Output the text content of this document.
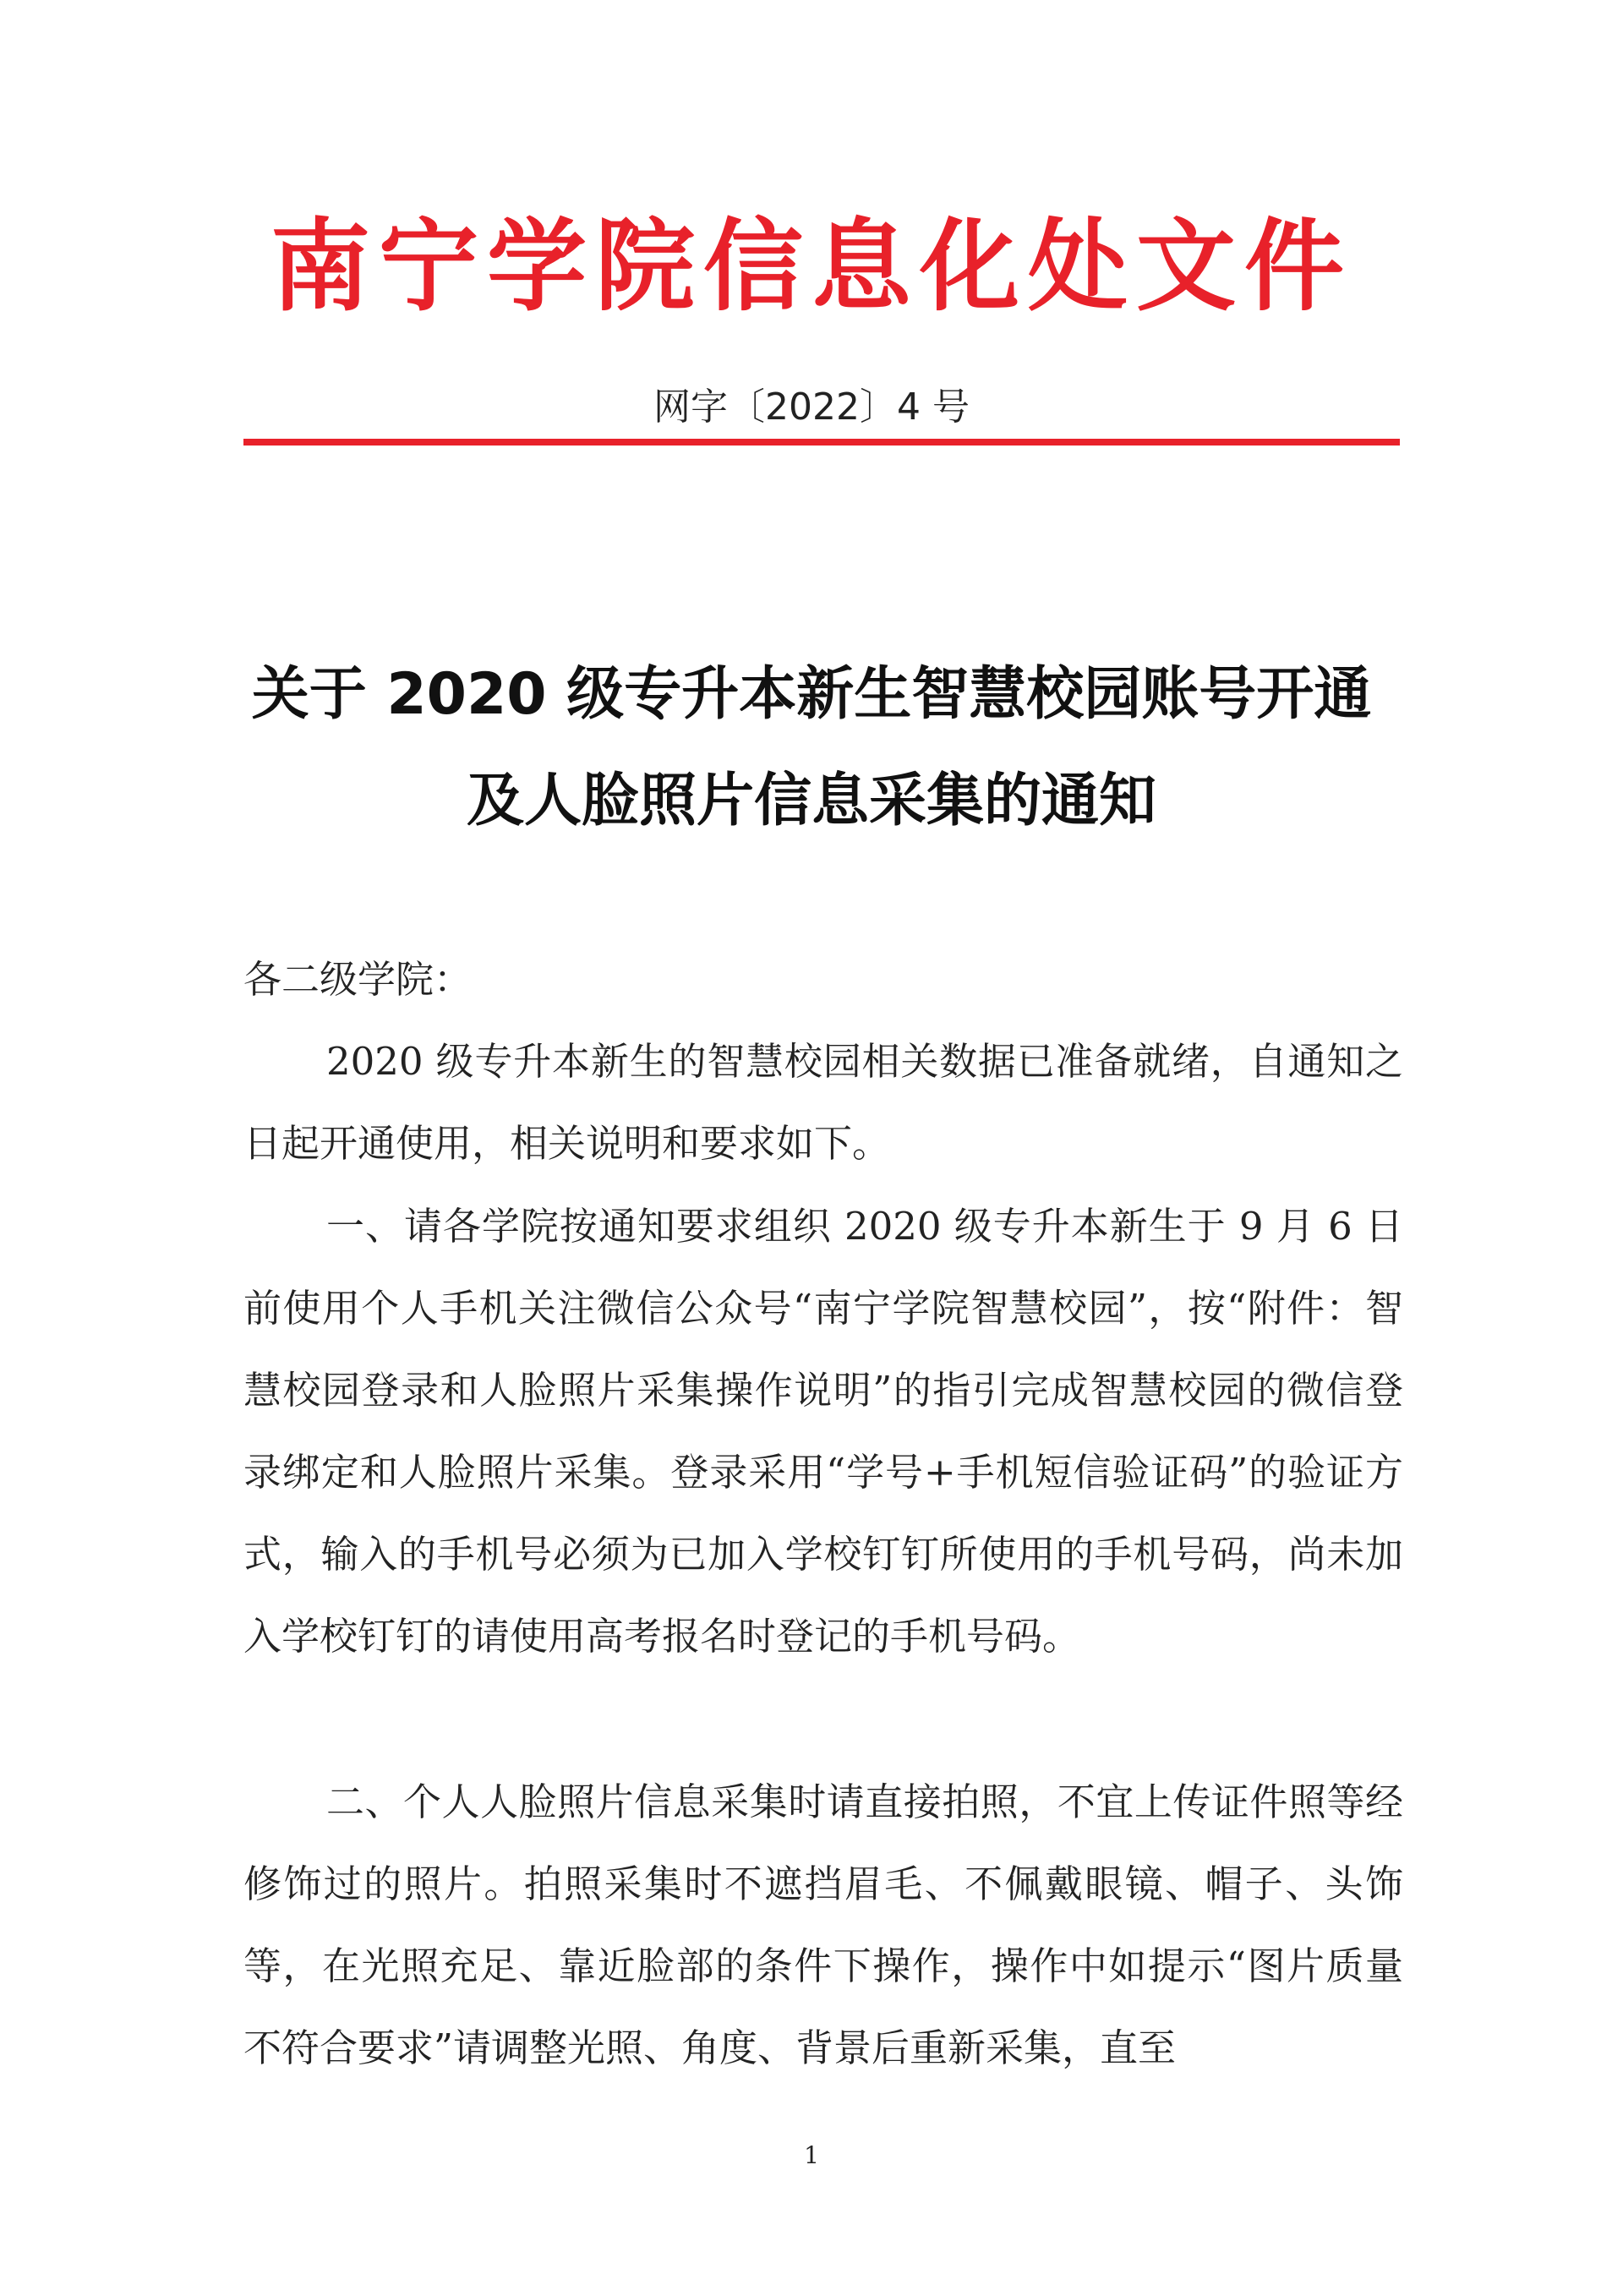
南宁学院信息化处文件
网字〔2022〕4 号
关于 2020 级专升本新生智慧校园账号开通
及人脸照片信息采集的通知
各二级学院：
2020 级专升本新生的智慧校园相关数据已准备就绪，自通知之日起开通使用，相关说明和要求如下。
一、请各学院按通知要求组织 2020 级专升本新生于 9 月 6 日前使用个人手机关注微信公众号“南宁学院智慧校园”，按“附件：智慧校园登录和人脸照片采集操作说明”的指引完成智慧校园的微信登录绑定和人脸照片采集。登录采用“学号+手机短信验证码”的验证方式，输入的手机号必须为已加入学校钉钉所使用的手机号码，尚未加入学校钉钉的请使用高考报名时登记的手机号码。
二、个人人脸照片信息采集时请直接拍照，不宜上传证件照等经修饰过的照片。拍照采集时不遮挡眉毛、不佩戴眼镜、帽子、头饰等，在光照充足、靠近脸部的条件下操作，操作中如提示“图片质量不符合要求”请调整光照、角度、背景后重新采集，直至
1
